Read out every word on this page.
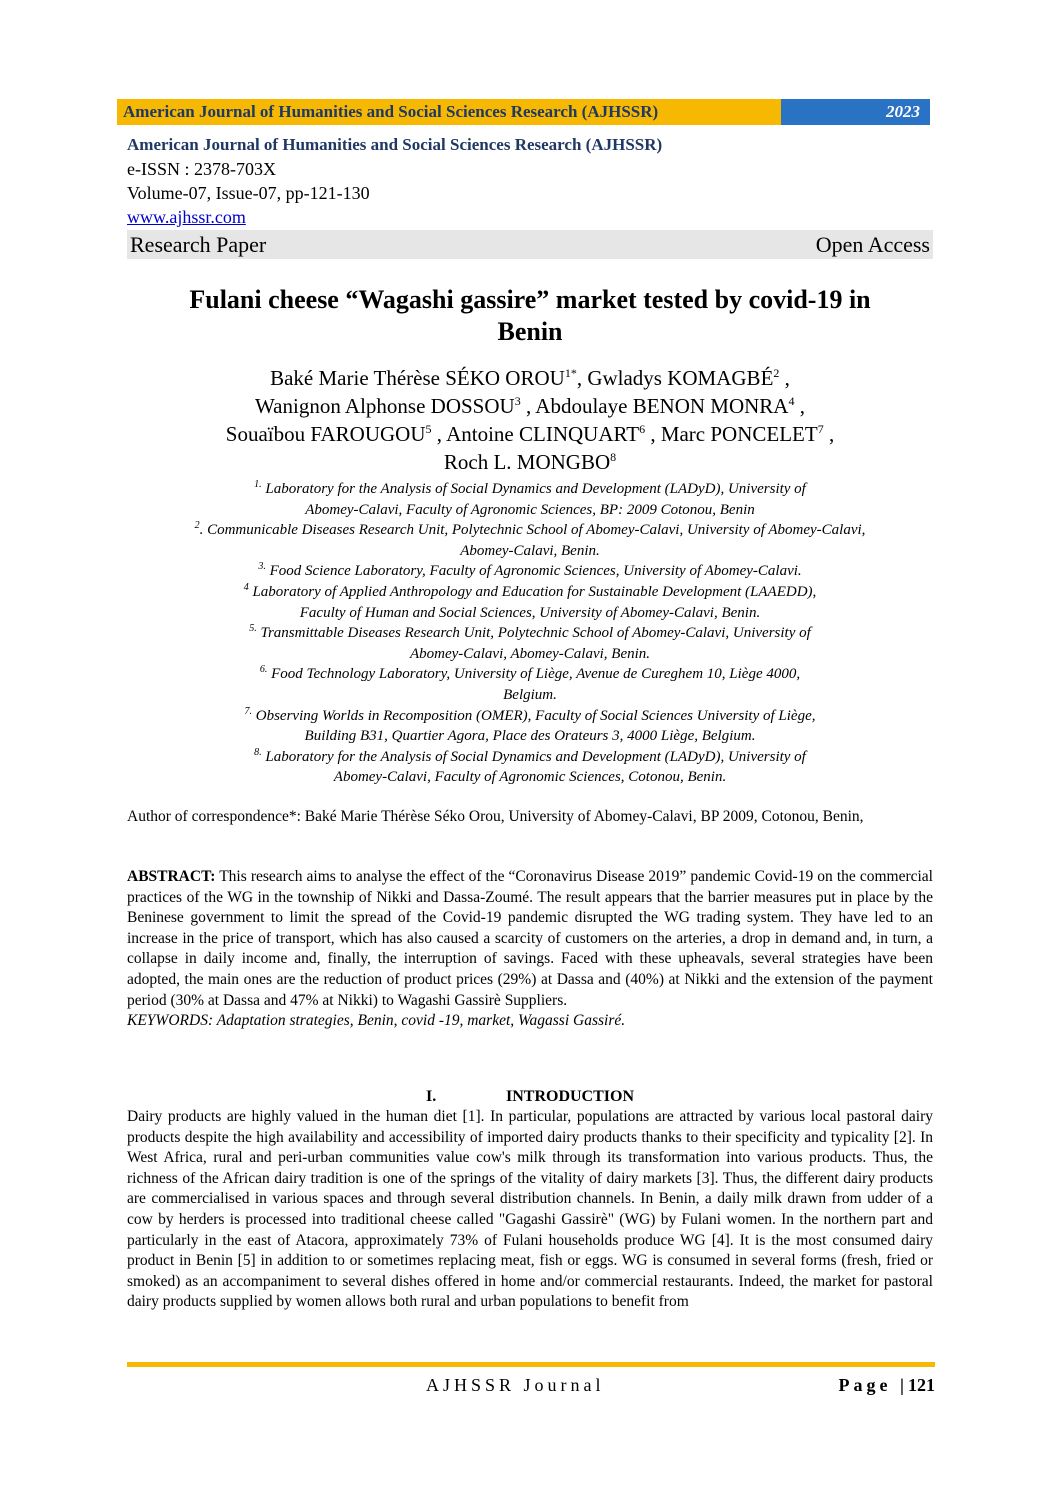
American Journal of Humanities and Social Sciences Research (AJHSSR)	2023
American Journal of Humanities and Social Sciences Research (AJHSSR)
e-ISSN : 2378-703X
Volume-07, Issue-07, pp-121-130
www.ajhssr.com
Research Paper	Open Access
Fulani cheese “Wagashi gassire” market tested by covid-19 in
Benin
Baké Marie Thérèse SÉKO $OROU^{1*}$, Gwladys KOMAGBÉ$^2$ ,
Wanignon Alphonse DOSSOU$^3$ , Abdoulaye BENON MONRA$^4$ ,
Souaïbou FAROUGOU$^5$ , Antoine CLINQUART$^6$ , Marc PONCELET$^7$ ,
Roch L. MONGBO$^8$
$^{1.}$ Laboratory for the Analysis of Social Dynamics and Development (LADyD), University of
Abomey-Calavi, Faculty of Agronomic Sciences, BP: 2009 Cotonou, Benin
$^2$. Communicable Diseases Research Unit, Polytechnic School of Abomey-Calavi, University of Abomey-Calavi,
Abomey-Calavi, Benin.
$^{3.}$ Food Science Laboratory, Faculty of Agronomic Sciences, University of Abomey-Calavi.
$^4$ Laboratory of Applied Anthropology and Education for Sustainable Development (LAAEDD),
Faculty of Human and Social Sciences, University of Abomey-Calavi, Benin.
$^{5.}$ Transmittable Diseases Research Unit, Polytechnic School of Abomey-Calavi, University of
Abomey-Calavi, Abomey-Calavi, Benin.
$^{6.}$ Food Technology Laboratory, University of Liège, Avenue de Cureghem 10, Liège 4000,
Belgium.
$^{7.}$ Observing Worlds in Recomposition (OMER), Faculty of Social Sciences University of Liège,
Building B31, Quartier Agora, Place des Orateurs 3, 4000 Liège, Belgium.
$^{8.}$ Laboratory for the Analysis of Social Dynamics and Development (LADyD), University of
Abomey-Calavi, Faculty of Agronomic Sciences, Cotonou, Benin.
Author of correspondence*: Baké Marie Thérèse Séko Orou, University of Abomey-Calavi, BP 2009, Cotonou, Benin,
ABSTRACT: This research aims to analyse the effect of the “Coronavirus Disease 2019” pandemic Covid-19 on the commercial practices of the WG in the township of Nikki and Dassa-Zoumé. The result appears that the barrier measures put in place by the Beninese government to limit the spread of the Covid-19 pandemic disrupted the WG trading system. They have led to an increase in the price of transport, which has also caused a scarcity of customers on the arteries, a drop in demand and, in turn, a collapse in daily income and, finally, the interruption of savings. Faced with these upheavals, several strategies have been adopted, the main ones are the reduction of product prices (29%) at Dassa and (40%) at Nikki and the extension of the payment period (30% at Dassa and 47% at Nikki) to Wagashi Gassirè Suppliers.
KEYWORDS: Adaptation strategies, Benin, covid -19, market, Wagassi Gassiré.
I.	INTRODUCTION
Dairy products are highly valued in the human diet [1]. In particular, populations are attracted by various local pastoral dairy products despite the high availability and accessibility of imported dairy products thanks to their specificity and typicality [2]. In West Africa, rural and peri-urban communities value cow's milk through its transformation into various products. Thus, the richness of the African dairy tradition is one of the springs of the vitality of dairy markets [3]. Thus, the different dairy products are commercialised in various spaces and through several distribution channels. In Benin, a daily milk drawn from udder of a cow by herders is processed into traditional cheese called "Gagashi Gassirè" (WG) by Fulani women. In the northern part and particularly in the east of Atacora, approximately 73% of Fulani households produce WG [4]. It is the most consumed dairy product in Benin [5] in addition to or sometimes replacing meat, fish or eggs. WG is consumed in several forms (fresh, fried or smoked) as an accompaniment to several dishes offered in home and/or commercial restaurants. Indeed, the market for pastoral dairy products supplied by women allows both rural and urban populations to benefit from
AJHSSR Journal	Page |121
